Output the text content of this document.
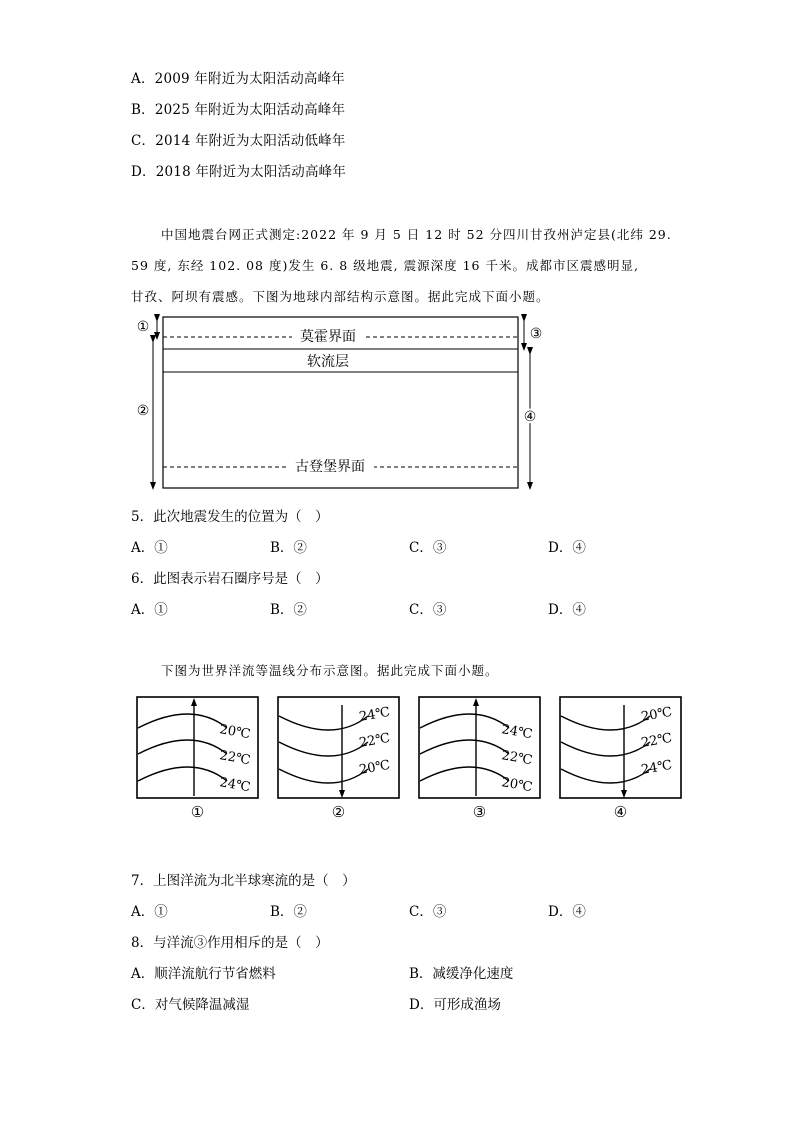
A．2009 年附近为太阳活动高峰年
B．2025 年附近为太阳活动高峰年
C．2014 年附近为太阳活动低峰年
D．2018 年附近为太阳活动高峰年
中国地震台网正式测定:2022 年 9 月 5 日 12 时 52 分四川甘孜州泸定县(北纬 29.
59 度, 东经 102. 08 度)发生 6. 8 级地震, 震源深度 16 千米。成都市区震感明显,
甘孜、阿坝有震感。下图为地球内部结构示意图。据此完成下面小题。
莫霍界面
软流层
古登堡界面
①
②
③
④
5．此次地震发生的位置为（　）
A．①	B．②	C．③	D．④
6．此图表示岩石圈序号是（　）
A．①	B．②	C．③	D．④
下图为世界洋流等温线分布示意图。据此完成下面小题。
20℃
22℃
24℃
①
24℃
22℃
20℃
②
24℃
22℃
20℃
③
20℃
22℃
24℃
④
7．上图洋流为北半球寒流的是（　）
A．①	B．②	C．③	D．④
8．与洋流③作用相斥的是（　）
A．顺洋流航行节省燃料	B．减缓净化速度
C．对气候降温减湿	D．可形成渔场
